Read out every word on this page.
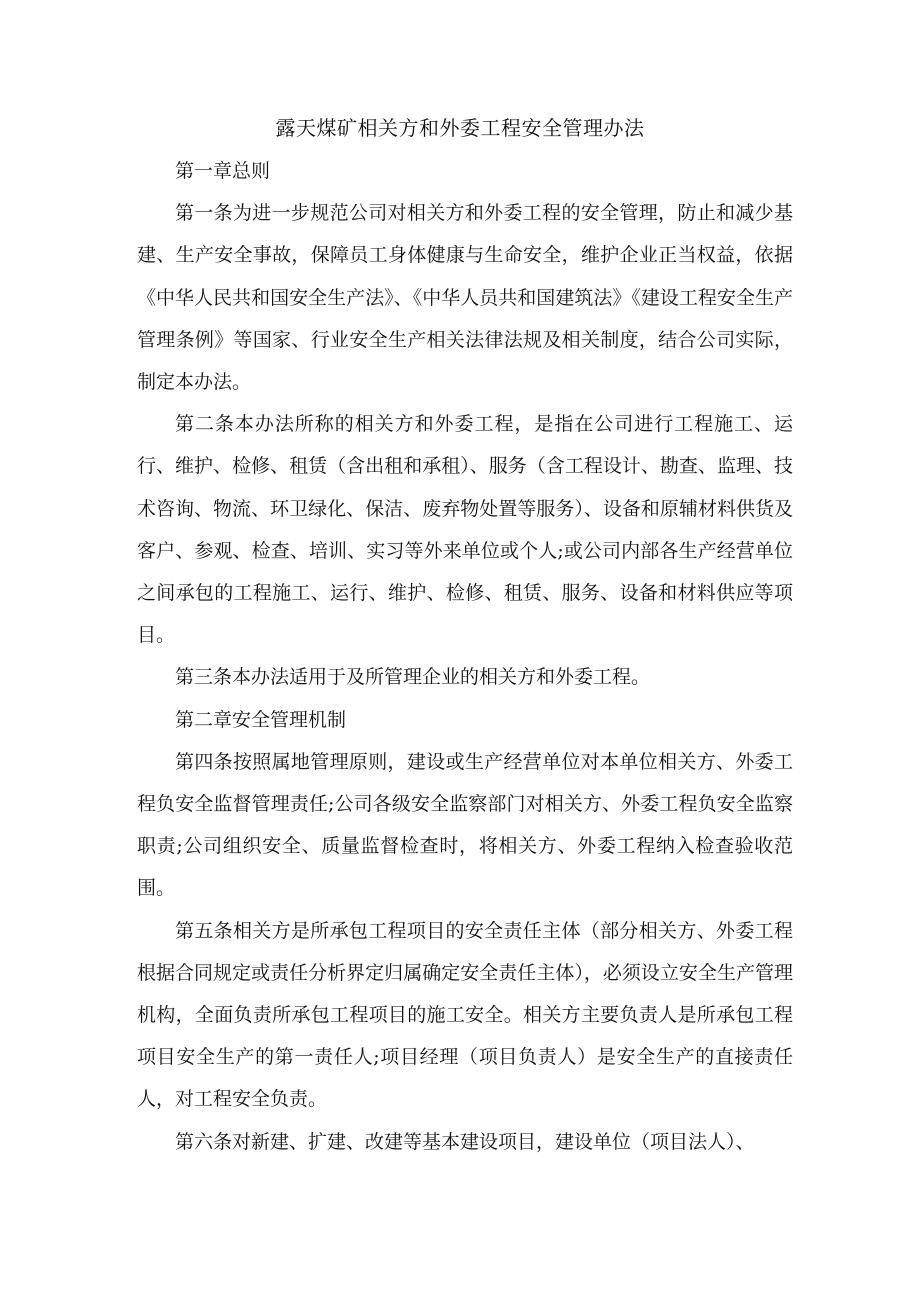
露天煤矿相关方和外委工程安全管理办法

第一章总则

第一条为进一步规范公司对相关方和外委工程的安全管理，防止和减少基建、生产安全事故，保障员工身体健康与生命安全，维护企业正当权益，依据《中华人民共和国安全生产法》、《中华人员共和国建筑法》《建设工程安全生产管理条例》等国家、行业安全生产相关法律法规及相关制度，结合公司实际，制定本办法。

第二条本办法所称的相关方和外委工程，是指在公司进行工程施工、运行、维护、检修、租赁（含出租和承租）、服务（含工程设计、勘查、监理、技术咨询、物流、环卫绿化、保洁、废弃物处置等服务）、设备和原辅材料供货及客户、参观、检查、培训、实习等外来单位或个人;或公司内部各生产经营单位之间承包的工程施工、运行、维护、检修、租赁、服务、设备和材料供应等项目。

第三条本办法适用于及所管理企业的相关方和外委工程。

第二章安全管理机制

第四条按照属地管理原则，建设或生产经营单位对本单位相关方、外委工程负安全监督管理责任;公司各级安全监察部门对相关方、外委工程负安全监察职责;公司组织安全、质量监督检查时，将相关方、外委工程纳入检查验收范围。

第五条相关方是所承包工程项目的安全责任主体（部分相关方、外委工程根据合同规定或责任分析界定归属确定安全责任主体），必须设立安全生产管理机构，全面负责所承包工程项目的施工安全。相关方主要负责人是所承包工程项目安全生产的第一责任人;项目经理（项目负责人）是安全生产的直接责任人，对工程安全负责。

第六条对新建、扩建、改建等基本建设项目，建设单位（项目法人）、
